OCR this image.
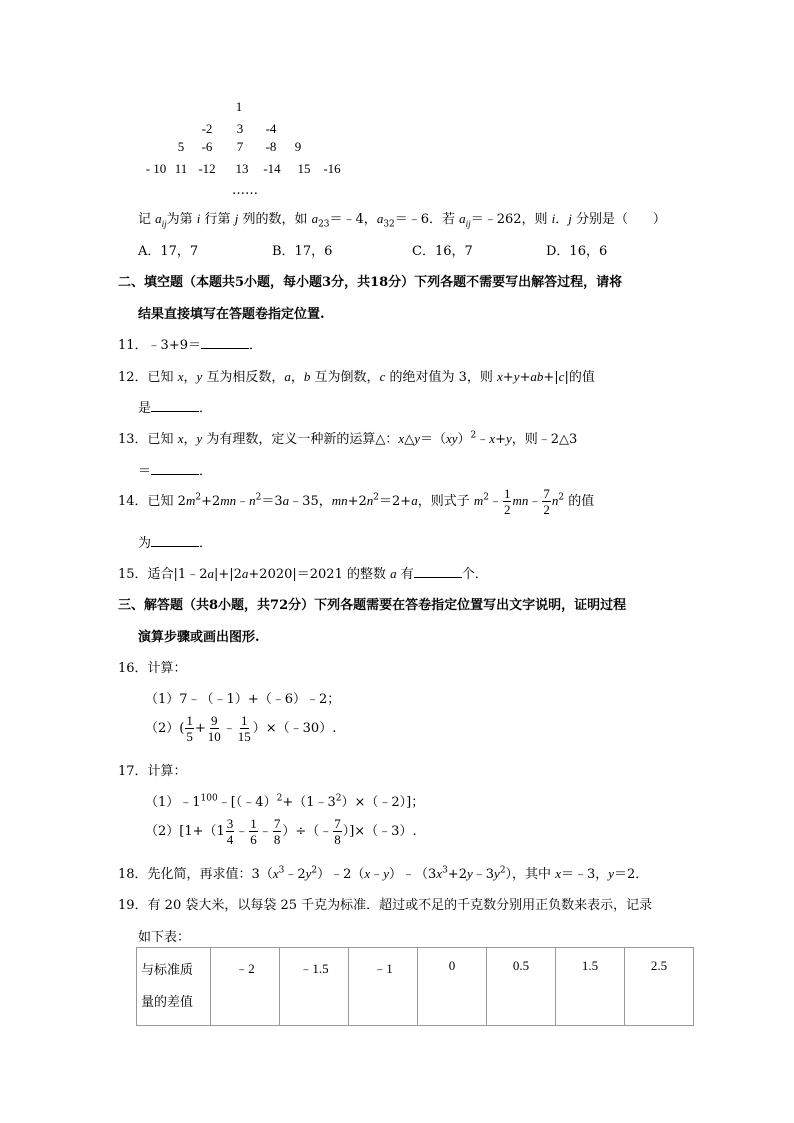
1
-2	3	-4
5	-6	7	-8	9
- 10 11 -12	13	-14	15 -16
……
记 $a_{ij}$为第 i 行第 j 列的数，如 $a_{23}=﹣4$，$a_{32}=﹣6$．若 $a_{ij}=﹣262$，则 i．j 分别是（      ）
A．17，7	B．17，6	C．16，7	D．16，6
二、填空题（本题共5小题，每小题3分，共18分）下列各题不需要写出解答过程，请将
结果直接填写在答题卷指定位置.
11．﹣3+9＝	．
12．已知 x，y 互为相反数，a，b 互为倒数，c 的绝对值为 3，则 x+y+ab+|c|的值
是	．
13．已知 x，y 为有理数，定义一种新的运算△：x△y＝（xy）$^2$﹣x+y，则﹣2△3
＝	．
14．已知 $2m^2+2mn﹣n^2=3a﹣35$，$mn+2n^2=2+a$，则式子 $m^2﹣ \frac{1}{2}$ mn﹣ $\frac{7}{2} n^2$ 的值
为	．
15．适合|1﹣2a|+|2a+2020|＝2021 的整数 a 有	个．
三、解答题（共8小题，共72分）下列各题需要在答卷指定位置写出文字说明，证明过程
演算步骤或画出图形.
16．计算：
（1）7﹣（﹣1）+（﹣6）﹣2；
$(2)( \frac{1}{5} + \frac{9}{10}$ ﹣ $\frac{1}{15}$ ）×（﹣30）.
17．计算：
$(1)﹣1^{100}﹣[(﹣4)^2+(1﹣3^2)\times(﹣2)]$；
$(2)[1+(1 \frac{3}{4}$ ﹣ $\frac{1}{6}$ ﹣ $\frac{7}{8}$ ）÷（﹣ $\frac{7}{8}$ ）]×（﹣3）.
18．先化简，再求值：$3(x^3﹣2y^2)﹣2(x﹣y)﹣(3x^3+2y﹣3y^2)$，其中 x＝﹣3，y＝2．
19．有 20 袋大米，以每袋 25 千克为标准．超过或不足的千克数分别用正负数来表示，记录
如下表：
与标准质
量的差值	﹣2	﹣1.5	﹣1	0	0.5	1.5	2.5
